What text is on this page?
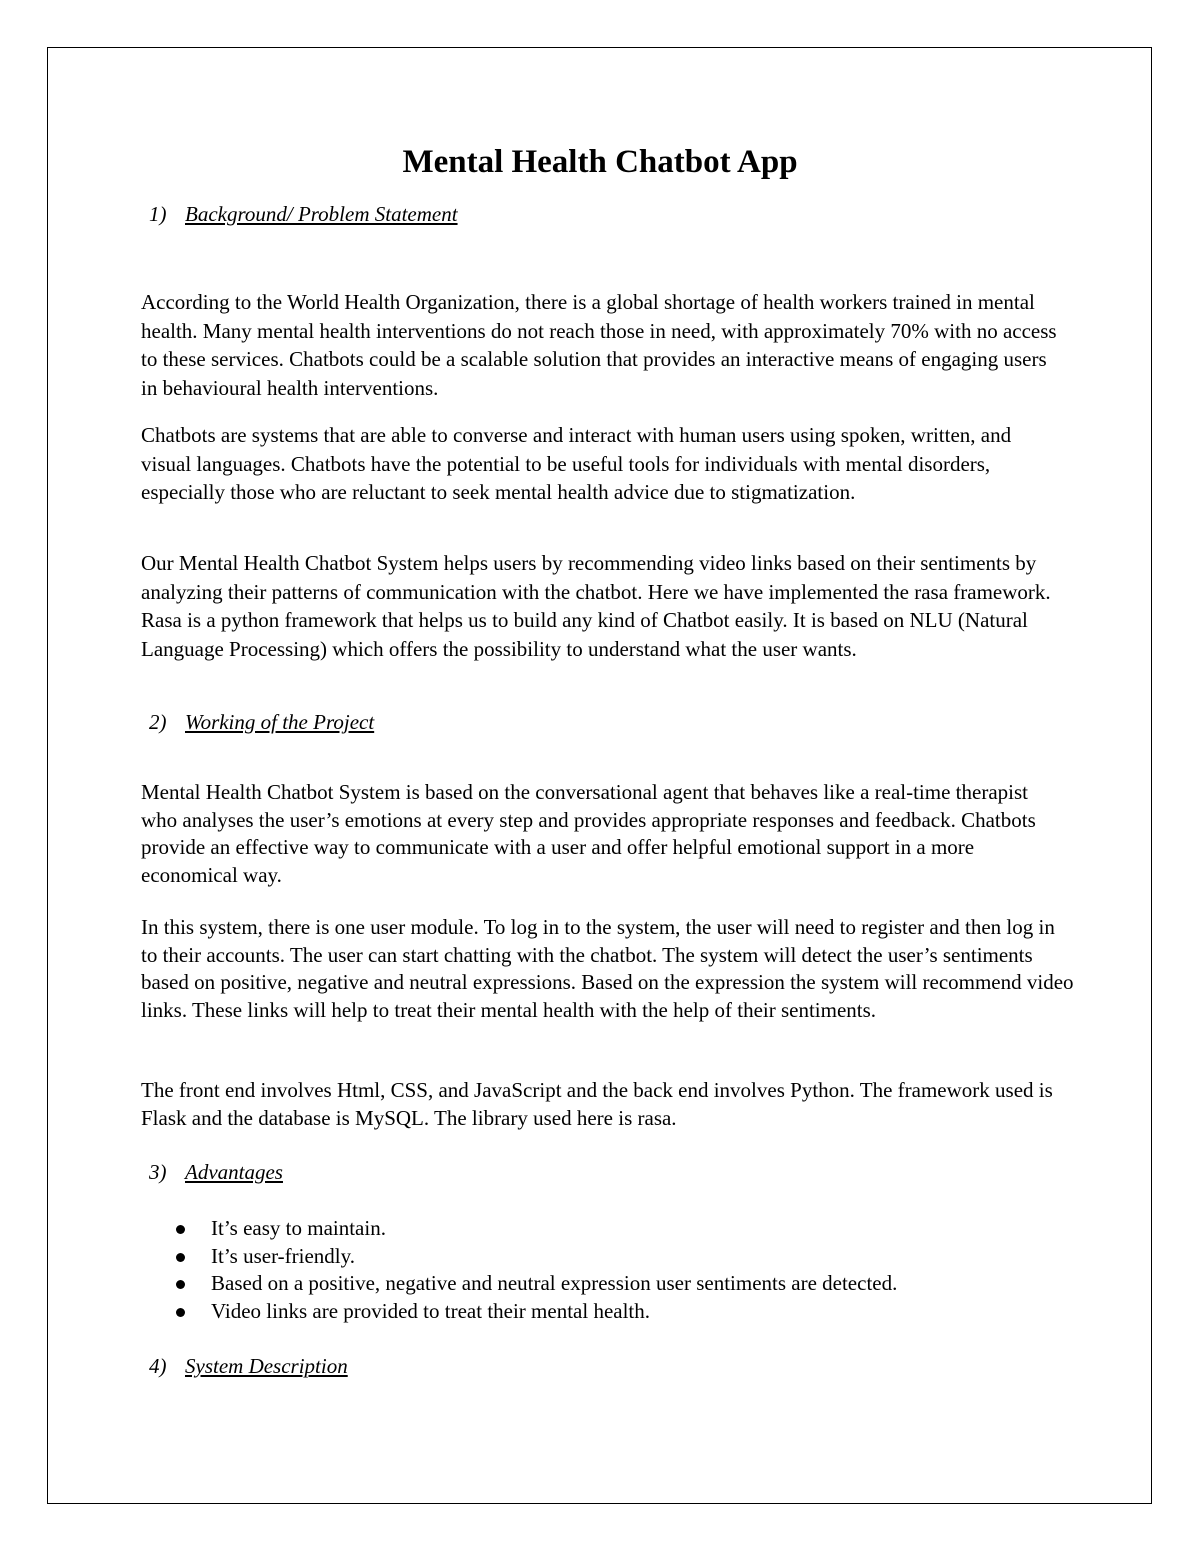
Mental Health Chatbot App
1) Background/ Problem Statement

According to the World Health Organization, there is a global shortage of health workers trained in mental health. Many mental health interventions do not reach those in need, with approximately 70% with no access to these services. Chatbots could be a scalable solution that provides an interactive means of engaging users in behavioural health interventions.

Chatbots are systems that are able to converse and interact with human users using spoken, written, and visual languages. Chatbots have the potential to be useful tools for individuals with mental disorders, especially those who are reluctant to seek mental health advice due to stigmatization.

Our Mental Health Chatbot System helps users by recommending video links based on their sentiments by analyzing their patterns of communication with the chatbot. Here we have implemented the rasa framework. Rasa is a python framework that helps us to build any kind of Chatbot easily. It is based on NLU (Natural Language Processing) which offers the possibility to understand what the user wants.

2) Working of the Project

Mental Health Chatbot System is based on the conversational agent that behaves like a real-time therapist who analyses the user’s emotions at every step and provides appropriate responses and feedback. Chatbots provide an effective way to communicate with a user and offer helpful emotional support in a more economical way.

In this system, there is one user module. To log in to the system, the user will need to register and then log in to their accounts. The user can start chatting with the chatbot. The system will detect the user’s sentiments based on positive, negative and neutral expressions. Based on the expression the system will recommend video links. These links will help to treat their mental health with the help of their sentiments.

The front end involves Html, CSS, and JavaScript and the back end involves Python. The framework used is Flask and the database is MySQL. The library used here is rasa.

3) Advantages
It’s easy to maintain.
It’s user-friendly.
Based on a positive, negative and neutral expression user sentiments are detected.
Video links are provided to treat their mental health.
4) System Description
